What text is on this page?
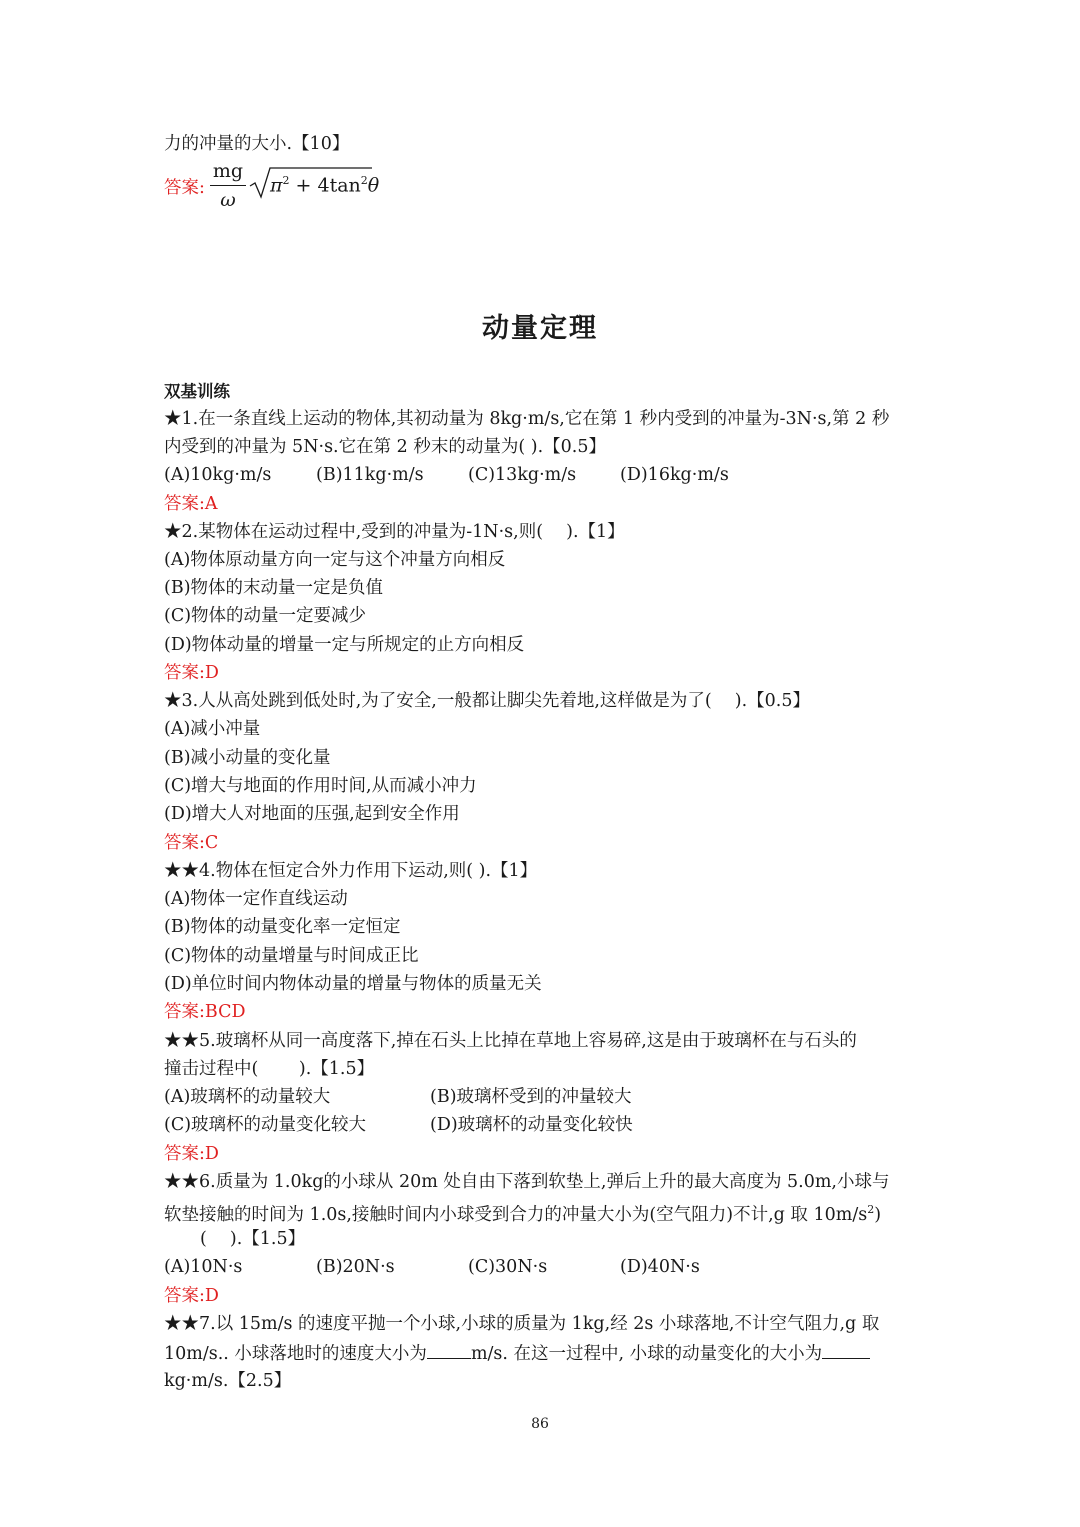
力的冲量的大小.【10】
答案:
mg
ω
$\pi^2 + 4\tan^2\theta$
动量定理
双基训练
★1.在一条直线上运动的物体,其初动量为 8kg·m/s,它在第 1 秒内受到的冲量为-3N·s,第 2 秒
内受到的冲量为 5N·s.它在第 2 秒末的动量为( ).【0.5】
(A)10kg·m/s	(B)11kg·m/s	(C)13kg·m/s	(D)16kg·m/s
答案:A
★2.某物体在运动过程中,受到的冲量为-1N·s,则(　 ).【1】
(A)物体原动量方向一定与这个冲量方向相反
(B)物体的末动量一定是负值
(C)物体的动量一定要减少
(D)物体动量的增量一定与所规定的止方向相反
答案:D
★3.人从高处跳到低处时,为了安全,一般都让脚尖先着地,这样做是为了(　 ).【0.5】
(A)减小冲量
(B)减小动量的变化量
(C)增大与地面的作用时间,从而减小冲力
(D)增大人对地面的压强,起到安全作用
答案:C
★★4.物体在恒定合外力作用下运动,则( ).【1】
(A)物体一定作直线运动
(B)物体的动量变化率一定恒定
(C)物体的动量增量与时间成正比
(D)单位时间内物体动量的增量与物体的质量无关
答案:BCD
★★5.玻璃杯从同一高度落下,掉在石头上比掉在草地上容易碎,这是由于玻璃杯在与石头的
撞击过程中(　　 ).【1.5】
(A)玻璃杯的动量较大	(B)玻璃杯受到的冲量较大
(C)玻璃杯的动量变化较大	(D)玻璃杯的动量变化较快
答案:D
★★6.质量为 1.0kg的小球从 20m 处自由下落到软垫上,弹后上升的最大高度为 5.0m,小球与
软垫接触的时间为 1.0s,接触时间内小球受到合力的冲量大小为(空气阻力)不计,g 取 $10m/s^2$)
(　 ).【1.5】
(A)10N·s	(B)20N·s	(C)30N·s	(D)40N·s
答案:D
★★7.以 15m/s 的速度平抛一个小球,小球的质量为 1kg,经 2s 小球落地,不计空气阻力,g 取
10m/s.. 小球落地时的速度大小为	m/s. 在这一过程中, 小球的动量变化的大小为
kg·m/s.【2.5】
86
